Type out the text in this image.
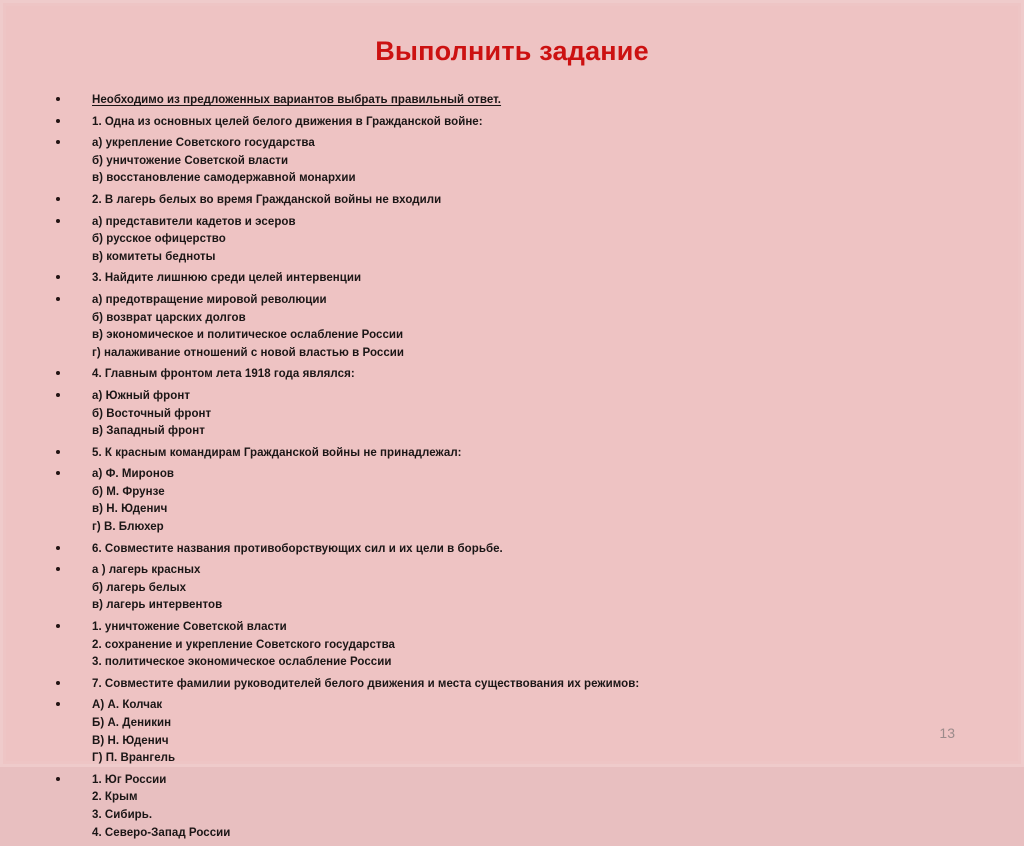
Выполнить задание
Необходимо из предложенных вариантов выбрать правильный ответ.
1. Одна из основных целей белого движения в Гражданской войне:
а) укрепление Советского государства
б) уничтожение Советской власти
в) восстановление самодержавной монархии
2. В лагерь белых во время Гражданской войны не входили
а) представители кадетов и эсеров
б) русское офицерство
в) комитеты бедноты
3. Найдите лишнюю среди целей интервенции
а) предотвращение мировой революции
б) возврат царских долгов
в) экономическое и политическое ослабление России
г) налаживание отношений с новой властью в России
4. Главным фронтом лета 1918 года являлся:
а) Южный фронт
б) Восточный фронт
в) Западный фронт
5. К красным командирам Гражданской войны не принадлежал:
а) Ф. Миронов
б) М. Фрунзе
в) Н. Юденич
г) В. Блюхер
6. Совместите названия противоборствующих сил и их цели в борьбе.
а ) лагерь красных
б) лагерь белых
в) лагерь интервентов
1. уничтожение Советской власти
2. сохранение и укрепление Советского государства
3. политическое экономическое ослабление России
7. Совместите фамилии руководителей белого движения и места существования их режимов:
А) А. Колчак
Б) А. Деникин
В) Н. Юденич
Г) П. Врангель
1. Юг России
2. Крым
3. Сибирь.
4. Северо-Запад России
13
